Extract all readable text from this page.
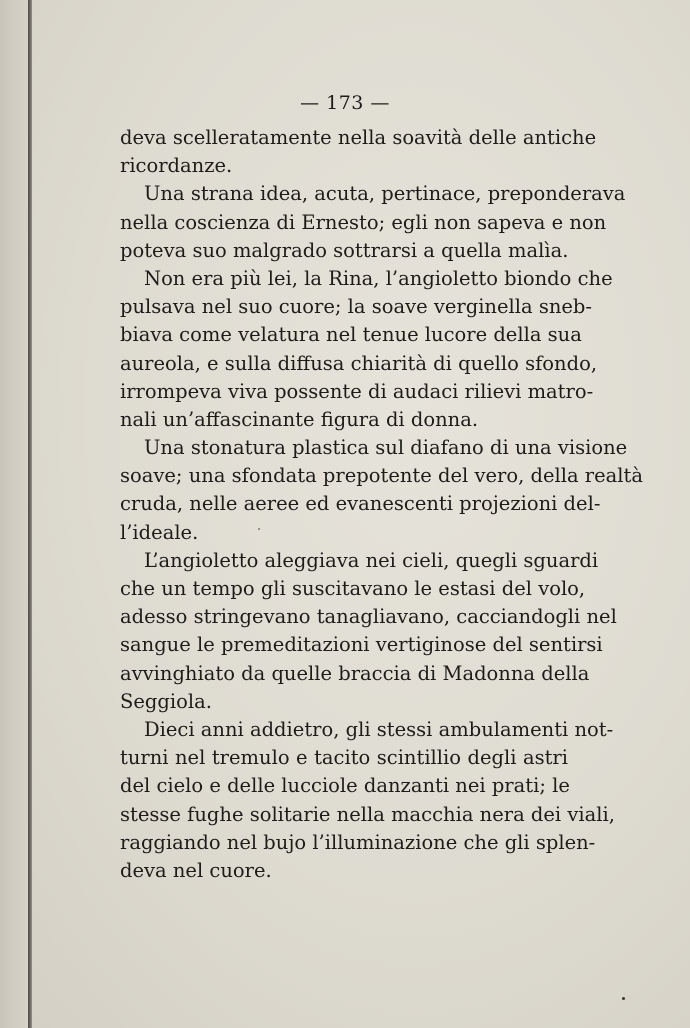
— 173 —
deva scelleratamente nella soavità delle antiche
ricordanze.
Una strana idea, acuta, pertinace, preponderava
nella coscienza di Ernesto; egli non sapeva e non
poteva suo malgrado sottrarsi a quella malìa.
Non era più lei, la Rina, l’angioletto biondo che
pulsava nel suo cuore; la soave verginella sneb-
biava come velatura nel tenue lucore della sua
aureola, e sulla diffusa chiarità di quello sfondo,
irrompeva viva possente di audaci rilievi matro-
nali un’affascinante figura di donna.
Una stonatura plastica sul diafano di una visione
soave; una sfondata prepotente del vero, della realtà
cruda, nelle aeree ed evanescenti projezioni del-
l’ideale.
L’angioletto aleggiava nei cieli, quegli sguardi
che un tempo gli suscitavano le estasi del volo,
adesso stringevano tanagliavano, cacciandogli nel
sangue le premeditazioni vertiginose del sentirsi
avvinghiato da quelle braccia di Madonna della
Seggiola.
Dieci anni addietro, gli stessi ambulamenti not-
turni nel tremulo e tacito scintillio degli astri
del cielo e delle lucciole danzanti nei prati; le
stesse fughe solitarie nella macchia nera dei viali,
raggiando nel bujo l’illuminazione che gli splen-
deva nel cuore.
